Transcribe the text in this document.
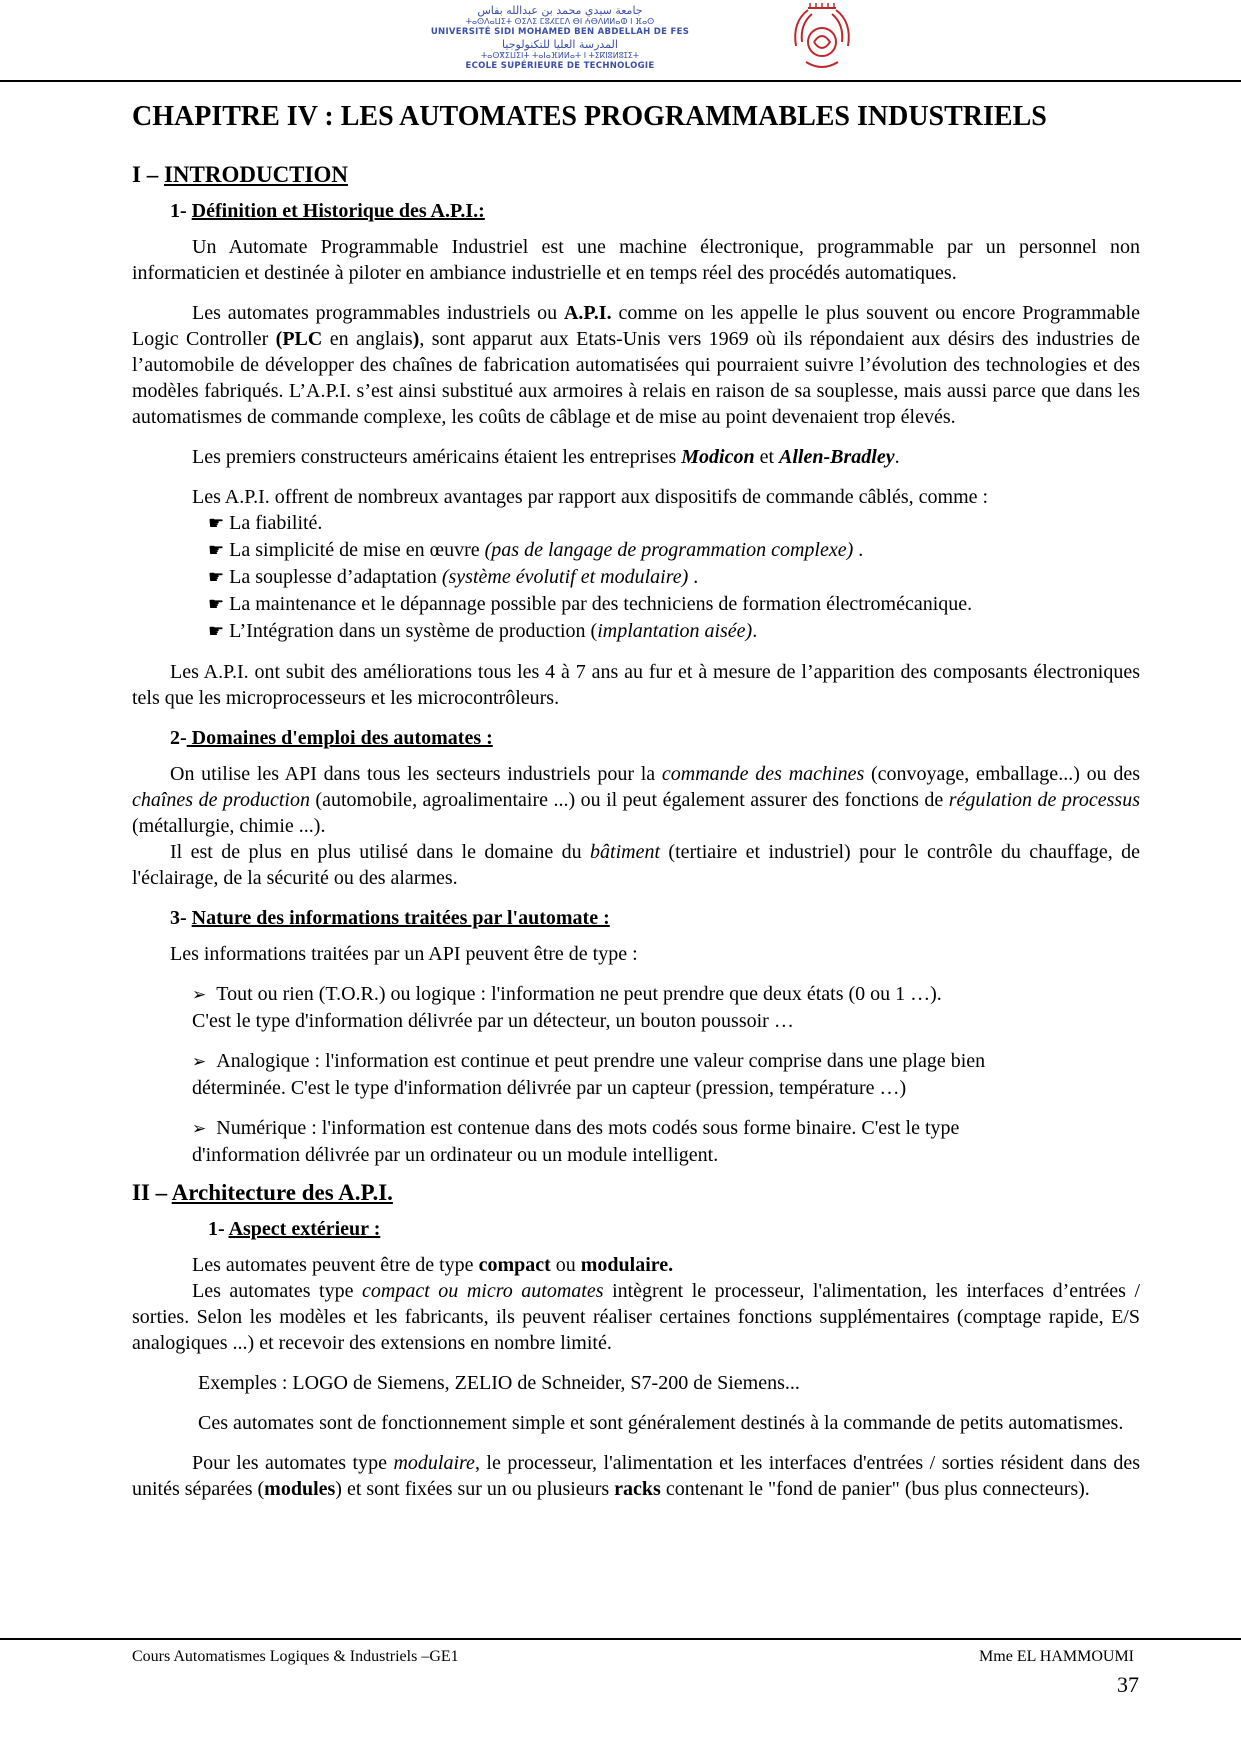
جامعة سيدي محمد بن عبدالله بفاس
ⵜⴰⵙⴷⴰⵡⵉⵜ ⵙⵉⴷⵉ ⵎⵓⵃⵎⵎⴷ ⴱⵏ ⵄⴱⴷⵍⵍⴰⵀ ⵏ ⴼⴰⵙ
UNIVERSITÉ SIDI MOHAMED BEN ABDELLAH DE FES
المدرسة العليا للتكنولوجيا
ⵜⴰⵙⴳⵉⵡⵉⵏⵜ ⵜⴰⵏⴰⴼⵍⵍⴰⵜ ⵏ ⵜⵉⴽⵏⵓⵍⵓⵊⵉⵜ
ECOLE SUPÉRIEURE DE TECHNOLOGIE
CHAPITRE IV : LES AUTOMATES PROGRAMMABLES INDUSTRIELS
I – INTRODUCTION
1- Définition et Historique des A.P.I.:

Un Automate Programmable Industriel est une machine électronique, programmable par un personnel non informaticien et destinée à piloter en ambiance industrielle et en temps réel des procédés automatiques.

Les automates programmables industriels ou A.P.I. comme on les appelle le plus souvent ou encore Programmable Logic Controller (PLC en anglais), sont apparut aux Etats-Unis vers 1969 où ils répondaient aux désirs des industries de l’automobile de développer des chaînes de fabrication automatisées qui pourraient suivre l’évolution des technologies et des modèles fabriqués. L’A.P.I. s’est ainsi substitué aux armoires à relais en raison de sa souplesse, mais aussi parce que dans les automatismes de commande complexe, les coûts de câblage et de mise au point devenaient trop élevés.

Les premiers constructeurs américains étaient les entreprises Modicon et Allen-Bradley.

Les A.P.I. offrent de nombreux avantages par rapport aux dispositifs de commande câblés, comme :

☛ La fiabilité.
☛ La simplicité de mise en œuvre (pas de langage de programmation complexe) .
☛ La souplesse d’adaptation (système évolutif et modulaire) .
☛ La maintenance et le dépannage possible par des techniciens de formation électromécanique.
☛ L’Intégration dans un système de production (implantation aisée).

Les A.P.I. ont subit des améliorations tous les 4 à 7 ans au fur et à mesure de l’apparition des composants électroniques tels que les microprocesseurs et les microcontrôleurs.

2- Domaines d'emploi des automates :

On utilise les API dans tous les secteurs industriels pour la commande des machines (convoyage, emballage...) ou des chaînes de production (automobile, agroalimentaire ...) ou il peut également assurer des fonctions de régulation de processus (métallurgie, chimie ...).

Il est de plus en plus utilisé dans le domaine du bâtiment (tertiaire et industriel) pour le contrôle du chauffage, de l'éclairage, de la sécurité ou des alarmes.

3- Nature des informations traitées par l'automate :

Les informations traitées par un API peuvent être de type :

➢ Tout ou rien (T.O.R.) ou logique : l'information ne peut prendre que deux états (0 ou 1 …).
C'est le type d'information délivrée par un détecteur, un bouton poussoir …
➢ Analogique : l'information est continue et peut prendre une valeur comprise dans une plage bien
déterminée. C'est le type d'information délivrée par un capteur (pression, température …)
➢ Numérique : l'information est contenue dans des mots codés sous forme binaire. C'est le type
d'information délivrée par un ordinateur ou un module intelligent.
II – Architecture des A.P.I.
1- Aspect extérieur :

Les automates peuvent être de type compact ou modulaire.

Les automates type compact ou micro automates intègrent le processeur, l'alimentation, les interfaces d’entrées / sorties. Selon les modèles et les fabricants, ils peuvent réaliser certaines fonctions supplémentaires (comptage rapide, E/S analogiques ...) et recevoir des extensions en nombre limité.

Exemples : LOGO de Siemens, ZELIO de Schneider, S7-200 de Siemens...

Ces automates sont de fonctionnement simple et sont généralement destinés à la commande de petits automatismes.

Pour les automates type modulaire, le processeur, l'alimentation et les interfaces d'entrées / sorties résident dans des unités séparées (modules) et sont fixées sur un ou plusieurs racks contenant le "fond de panier" (bus plus connecteurs).

Cours Automatismes Logiques & Industriels –GE1	Mme EL HAMMOUMI
37
